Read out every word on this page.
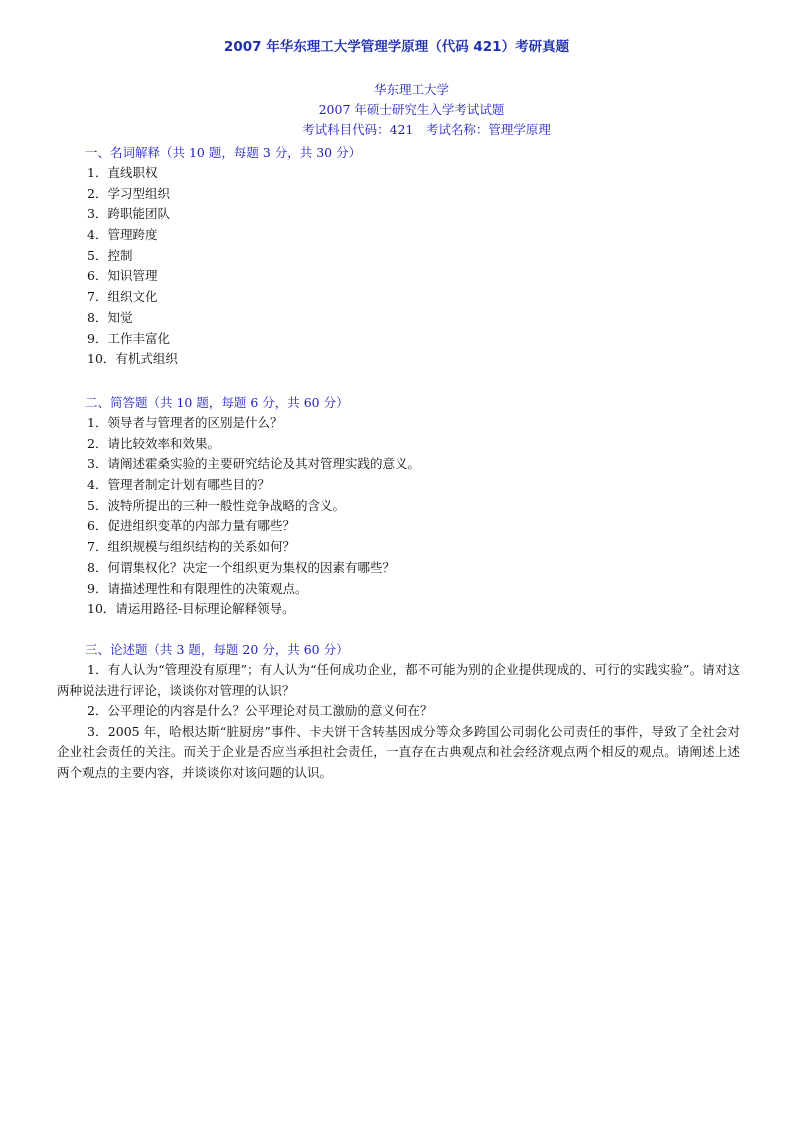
2007 年华东理工大学管理学原理（代码 421）考研真题
华东理工大学
2007 年硕士研究生入学考试试题
考试科目代码：421　考试名称：管理学原理
一、名词解释（共 10 题，每题 3 分，共 30 分）
1．直线职权
2．学习型组织
3．跨职能团队
4．管理跨度
5．控制
6．知识管理
7．组织文化
8．知觉
9．工作丰富化
10．有机式组织
二、简答题（共 10 题，每题 6 分，共 60 分）
1．领导者与管理者的区别是什么？
2．请比较效率和效果。
3．请阐述霍桑实验的主要研究结论及其对管理实践的意义。
4．管理者制定计划有哪些目的？
5．波特所提出的三种一般性竞争战略的含义。
6．促进组织变革的内部力量有哪些？
7．组织规模与组织结构的关系如何？
8．何谓集权化？决定一个组织更为集权的因素有哪些？
9．请描述理性和有限理性的决策观点。
10．请运用路径-目标理论解释领导。
三、论述题（共 3 题，每题 20 分，共 60 分）

1．有人认为“管理没有原理”；有人认为“任何成功企业，都不可能为别的企业提供现成的、可行的实践实验”。请对这两种说法进行评论，谈谈你对管理的认识？

2．公平理论的内容是什么？公平理论对员工激励的意义何在？

3．2005 年，哈根达斯“脏厨房”事件、卡夫饼干含转基因成分等众多跨国公司弱化公司责任的事件，导致了全社会对企业社会责任的关注。而关于企业是否应当承担社会责任，一直存在古典观点和社会经济观点两个相反的观点。请阐述上述两个观点的主要内容，并谈谈你对该问题的认识。
